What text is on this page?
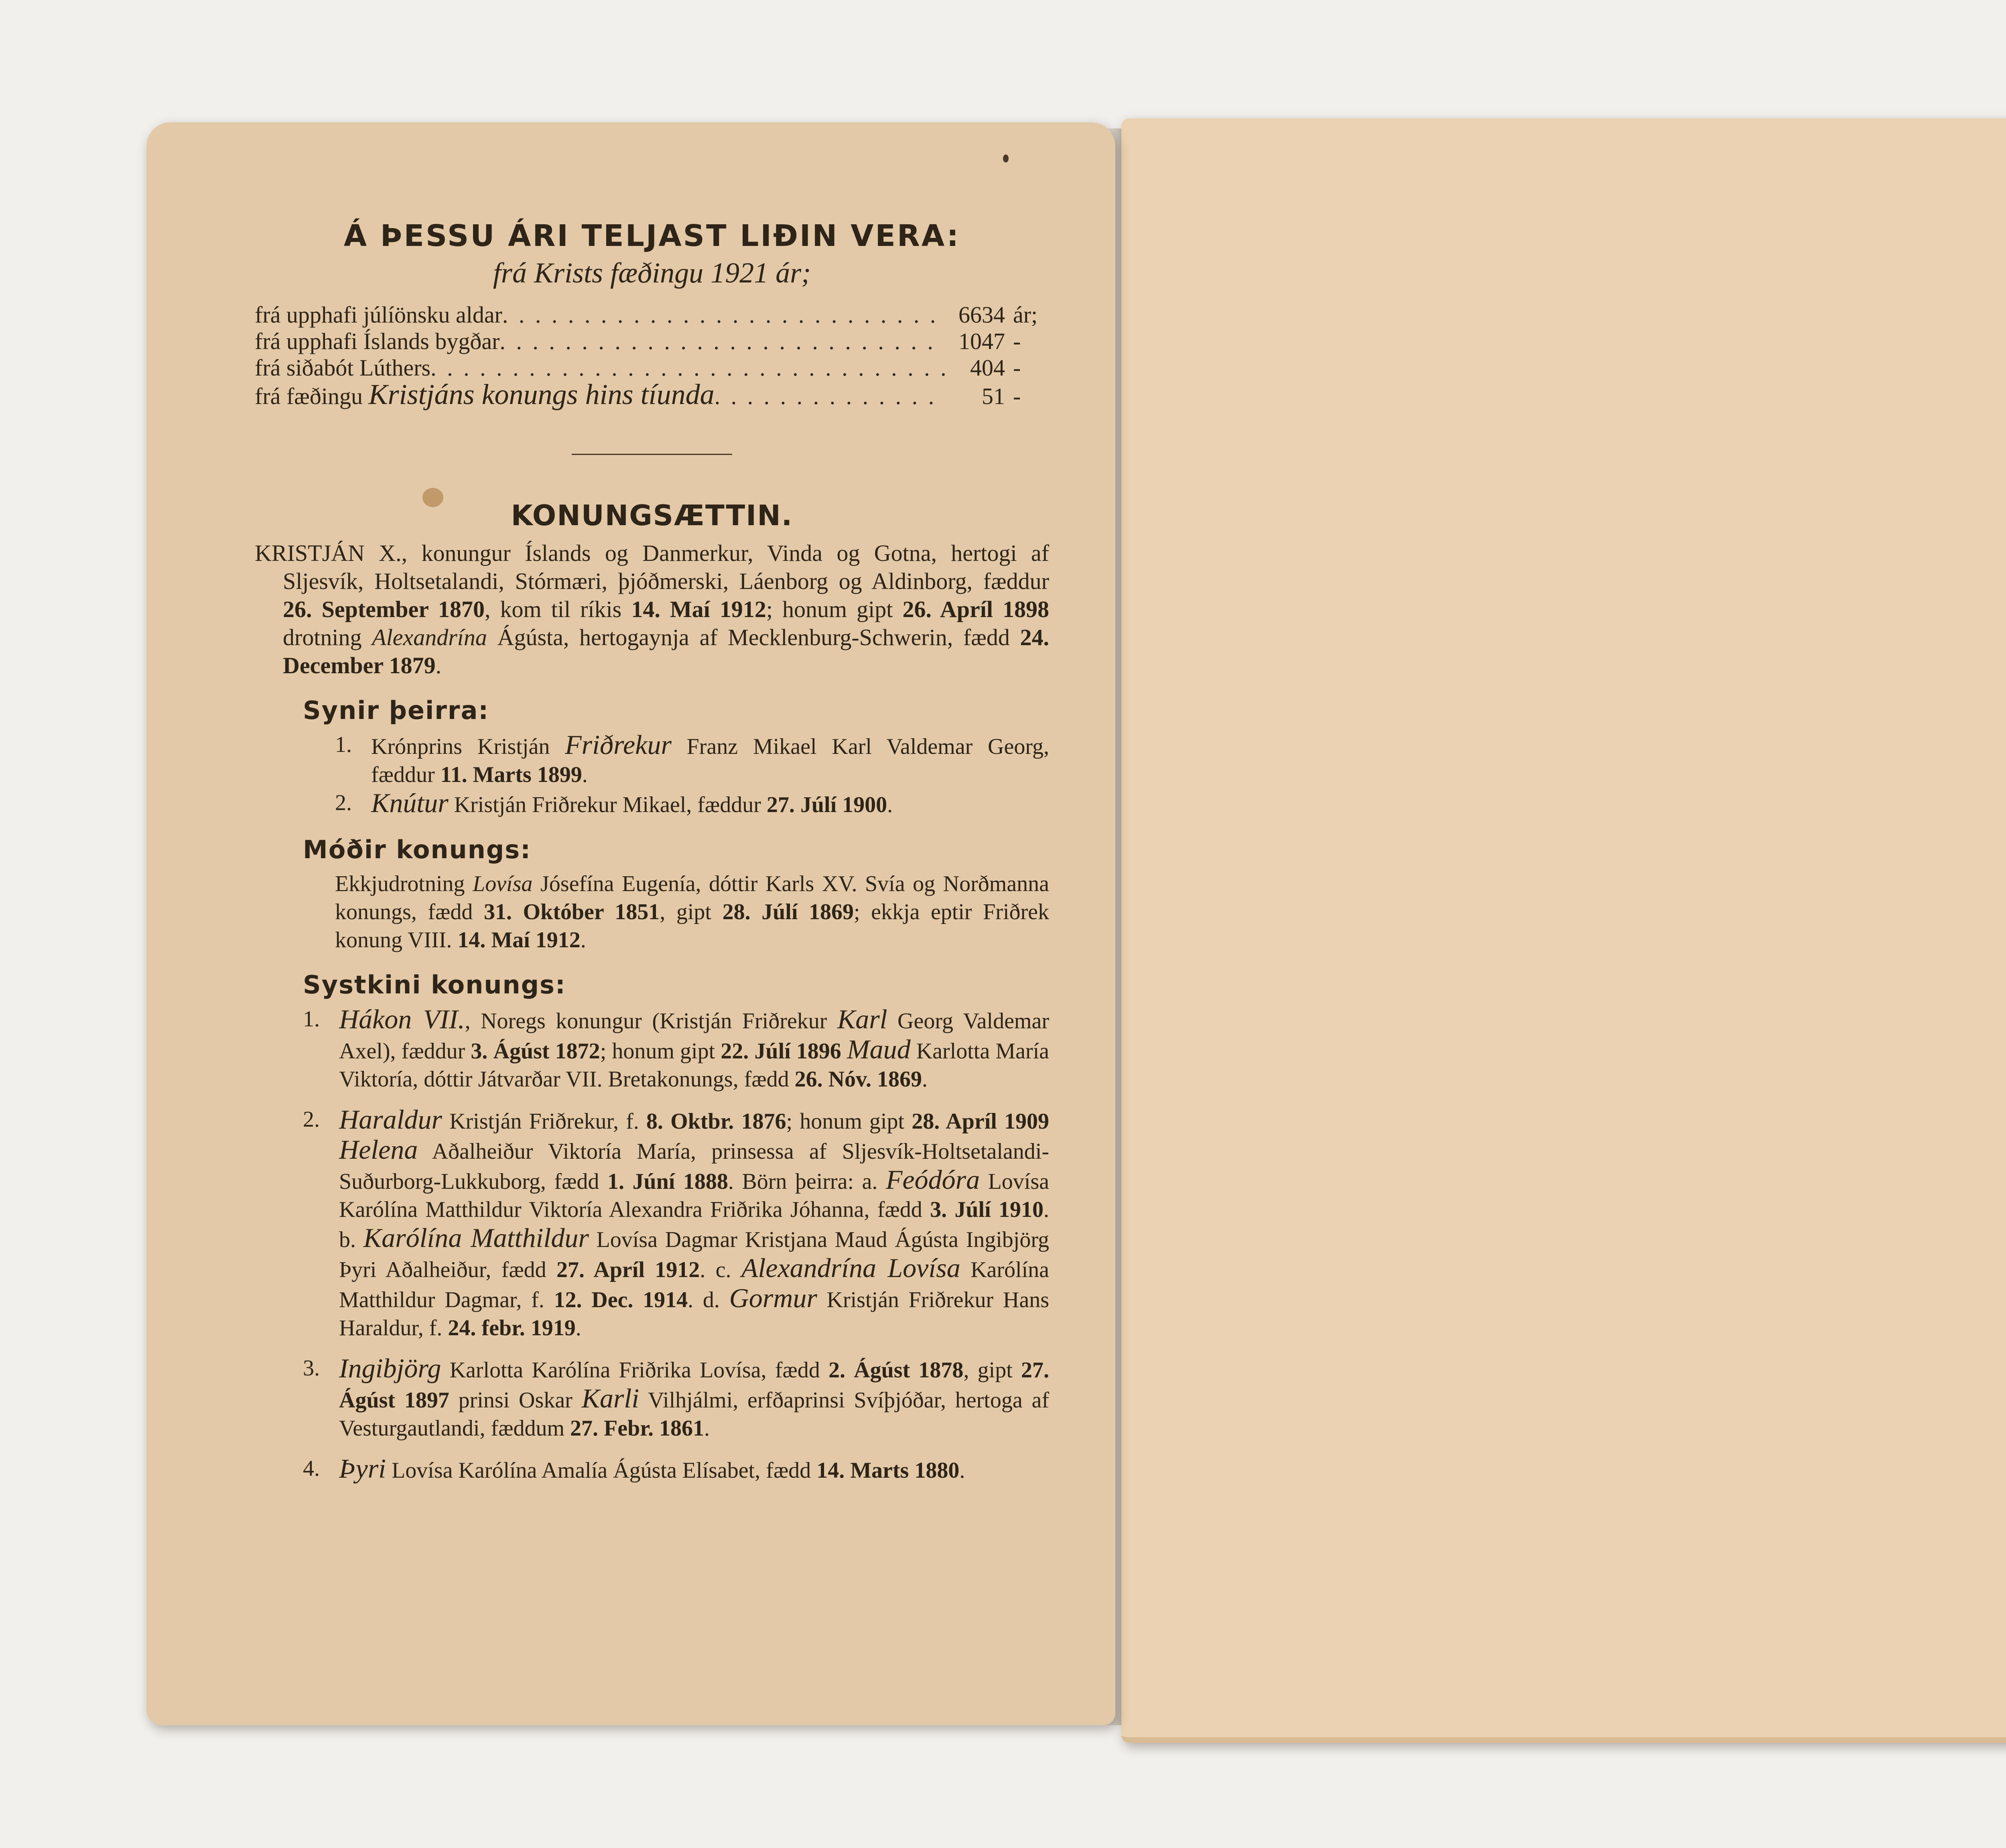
Á ÞESSU ÁRI TELJAST LIÐIN VERA:
frá Krists fæðingu 1921 ár;
frá upphafi júlíönsku aldar . . .	6634 ár;
frá upphafi Íslands bygðar . . .	1047 -
frá siðabót Lúthers . . .	404 -
frá fæðingu Kristjáns konungs hins tíunda . . .	51 -
KONUNGSÆTTIN.

KRISTJÁN X., konungur Íslands og Danmerkur, Vinda og Gotna, hertogi af Sljesvík, Holtsetalandi, Stórmæri, þjóðmerski, Láenborg og Aldinborg, fæddur 26. September 1870, kom til ríkis 14. Maí 1912; honum gipt 26. Apríl 1898 drotning Alexandrína Ágústa, hertogaynja af Mecklenburg-Schwerin, fædd 24. December 1879.

Synir þeirra:
1. Krónprins Kristján Friðrekur Franz Mikael Karl Valdemar Georg, fæddur 11. Marts 1899.
2. Knútur Kristján Friðrekur Mikael, fæddur 27. Júlí 1900.
Móðir konungs:
Ekkjudrotning Lovísa Jósefína Eugenía, dóttir Karls XV. Svía og Norðmanna konungs, fædd 31. Október 1851, gipt 28. Júlí 1869; ekkja eptir Friðrek konung VIII. 14. Maí 1912.
Systkini konungs:
1. Hákon VII., Noregs konungur (Kristján Friðrekur Karl Georg Valdemar Axel), fæddur 3. Ágúst 1872; honum gipt 22. Júlí 1896 Maud Karlotta María Viktoría, dóttir Játvarðar VII. Bretakonungs, fædd 26. Nóv. 1869.
2. Haraldur Kristján Friðrekur, f. 8. Oktbr. 1876; honum gipt 28. Apríl 1909 Helena Aðalheiður Viktoría María, prinsessa af Sljesvík-Holtsetalandi-Suðurborg-Lukkuborg, fædd 1. Júní 1888. Börn þeirra: a. Feódóra Lovísa Karólína Matthildur Viktoría Alexandra Friðrika Jóhanna, fædd 3. Júlí 1910. b. Karólína Matthildur Lovísa Dagmar Kristjana Maud Ágústa Ingibjörg Þyri Aðalheiður, fædd 27. Apríl 1912. c. Alexandrína Lovísa Karólína Matthildur Dagmar, f. 12. Dec. 1914. d. Gormur Kristján Friðrekur Hans Haraldur, f. 24. febr. 1919.
3. Ingibjörg Karlotta Karólína Friðrika Lovísa, fædd 2. Ágúst 1878, gipt 27. Ágúst 1897 prinsi Oskar Karli Vilhjálmi, erfðaprinsi Svíþjóðar, hertoga af Vesturgautlandi, fæddum 27. Febr. 1861.
4. Þyri Lovísa Karólína Amalía Ágústa Elísabet, fædd 14. Marts 1880.
